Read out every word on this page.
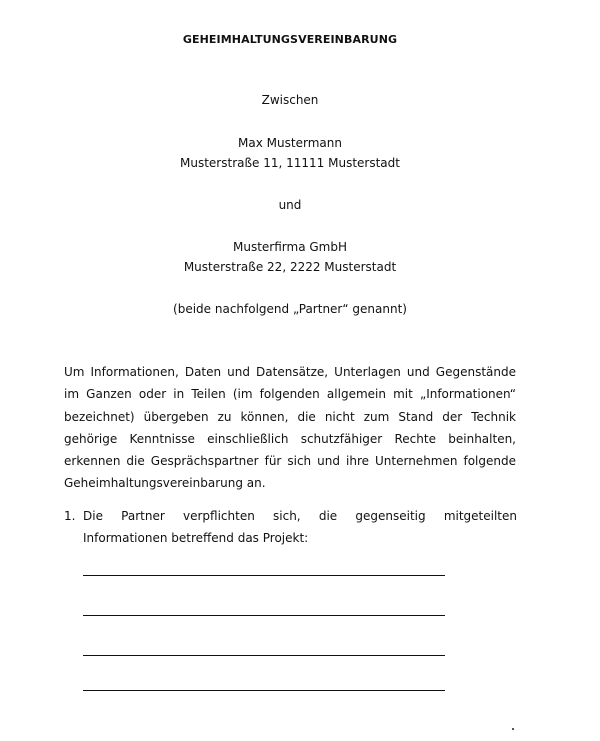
GEHEIMHALTUNGSVEREINBARUNG
Zwischen
Max Mustermann
Musterstraße 11, 11111 Musterstadt
und
Musterfirma GmbH
Musterstraße 22, 2222 Musterstadt
(beide nachfolgend „Partner“ genannt)
Um Informationen, Daten und Datensätze, Unterlagen und Gegenstände im Ganzen oder in Teilen (im folgenden allgemein mit „Informationen“ bezeichnet) übergeben zu können, die nicht zum Stand der Technik gehörige Kenntnisse einschließlich schutzfähiger Rechte beinhalten, erkennen die Gesprächspartner für sich und ihre Unternehmen folgende Geheimhaltungsvereinbarung an.
1. Die Partner verpflichten sich, die gegenseitig mitgeteilten Informationen betreffend das Projekt:
